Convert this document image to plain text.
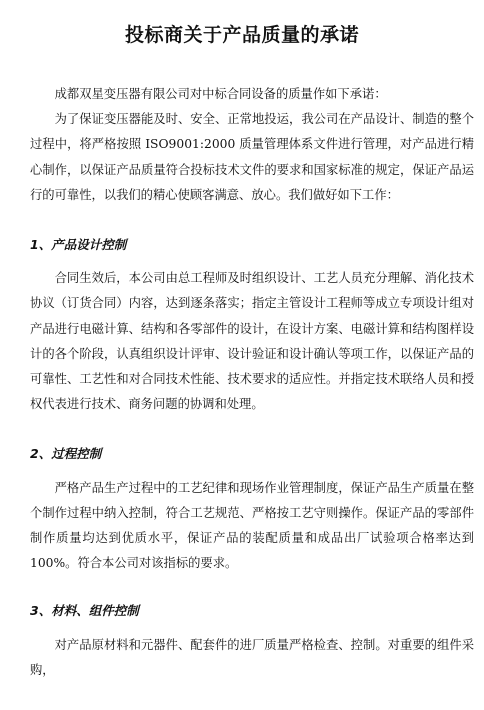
投标商关于产品质量的承诺

成都双星变压器有限公司对中标合同设备的质量作如下承诺：

为了保证变压器能及时、安全、正常地投运，我公司在产品设计、制造的整个过程中，将严格按照 ISO9001:2000 质量管理体系文件进行管理，对产品进行精心制作，以保证产品质量符合投标技术文件的要求和国家标准的规定，保证产品运行的可靠性，以我们的精心使顾客满意、放心。我们做好如下工作：

1、产品设计控制

合同生效后，本公司由总工程师及时组织设计、工艺人员充分理解、消化技术协议（订货合同）内容，达到逐条落实；指定主管设计工程师等成立专项设计组对产品进行电磁计算、结构和各零部件的设计，在设计方案、电磁计算和结构图样设计的各个阶段，认真组织设计评审、设计验证和设计确认等项工作，以保证产品的可靠性、工艺性和对合同技术性能、技术要求的适应性。并指定技术联络人员和授权代表进行技术、商务问题的协调和处理。

2、过程控制

严格产品生产过程中的工艺纪律和现场作业管理制度，保证产品生产质量在整个制作过程中纳入控制，符合工艺规范、严格按工艺守则操作。保证产品的零部件制作质量均达到优质水平，保证产品的装配质量和成品出厂试验项合格率达到 100%。符合本公司对该指标的要求。

3、材料、组件控制

对产品原材料和元器件、配套件的进厂质量严格检查、控制。对重要的组件采购，
